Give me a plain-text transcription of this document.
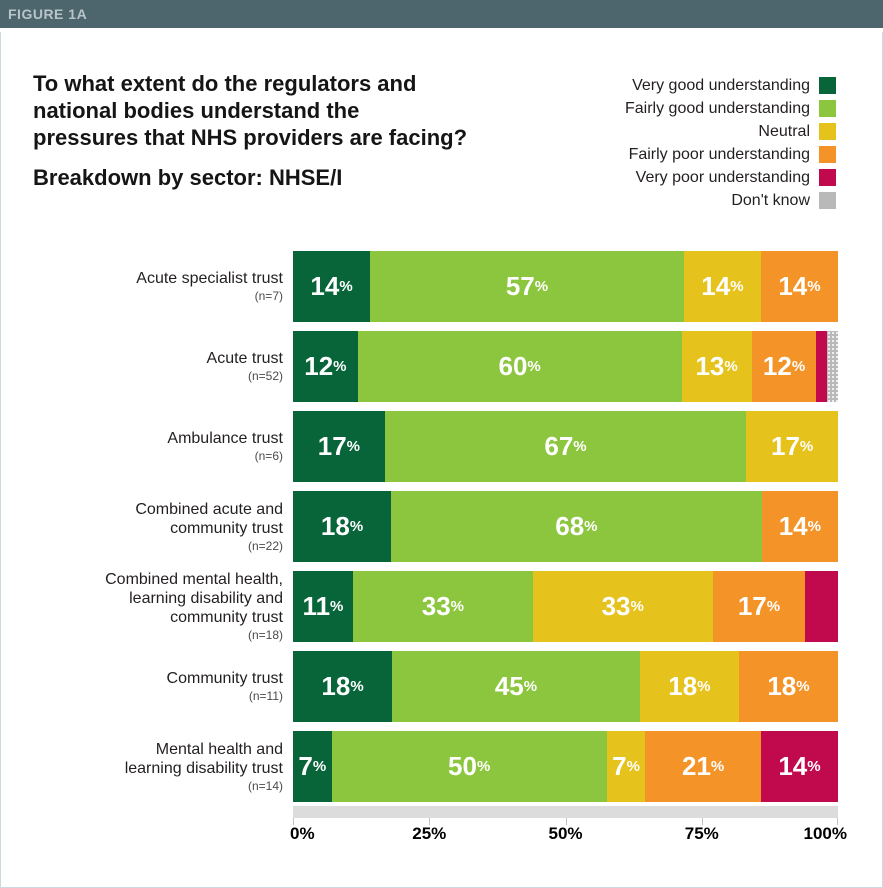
FIGURE 1A
To what extent do the regulators and
national bodies understand the
pressures that NHS providers are facing?
Breakdown by sector: NHSE/I
Very good understanding
Fairly good understanding
Neutral
Fairly poor understanding
Very poor understanding
Don't know
Acute specialist trust
(n=7) 14 %	57 %	14 % 14 %
Acute trust
(n=52) 12 %	60 %	13 % 12 %
Ambulance trust
(n=6) 17 %	67 %	17 %
Combined acute and
community trust
(n=22)
18 %	68 %	14 %
Combined mental health,
learning disability and
community trust
(n=18)
11 %	33 %	33 %	17 %
Community trust
(n=11) 18 %	45 %	18 % 18 %
Mental health and
learning disability trust
(n=14)
7 %	50 %	7 % 21 % 14 %
0%	25%	50%	75%	100%
